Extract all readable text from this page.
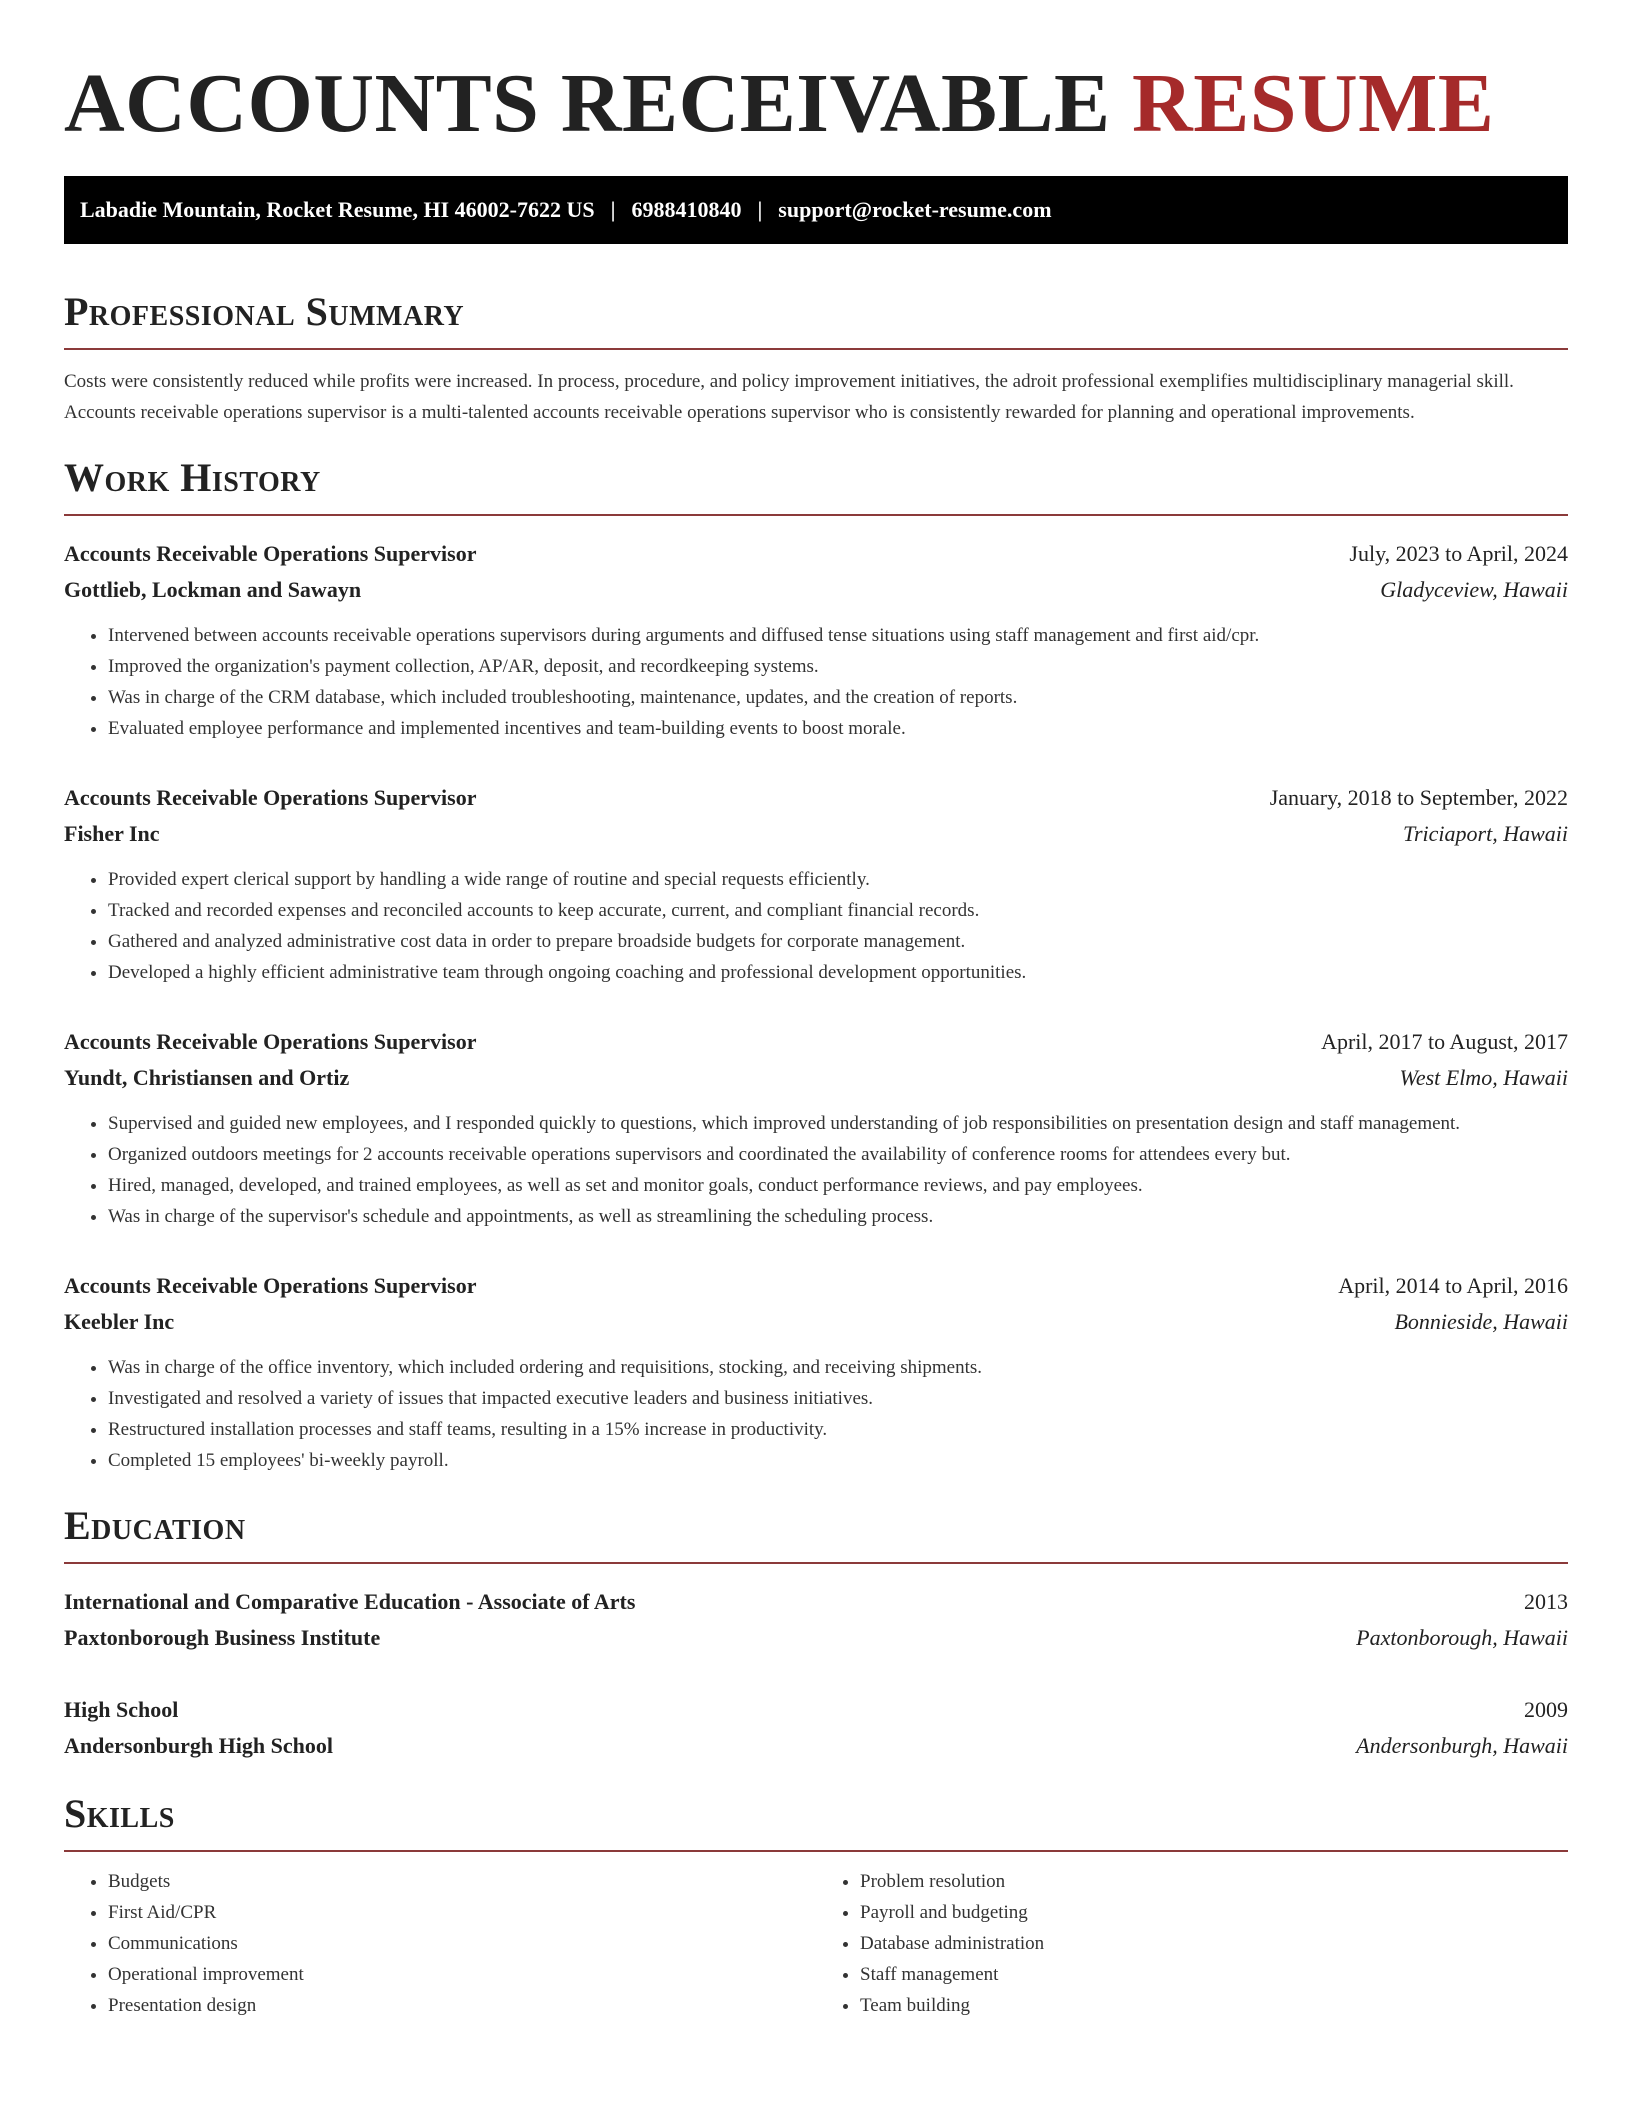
ACCOUNTS RECEIVABLE RESUME
Labadie Mountain, Rocket Resume, HI 46002-7622 US | 6988410840 | support@rocket-resume.com
Professional Summary

Costs were consistently reduced while profits were increased. In process, procedure, and policy improvement initiatives, the adroit professional exemplifies multidisciplinary managerial skill. Accounts receivable operations supervisor is a multi-talented accounts receivable operations supervisor who is consistently rewarded for planning and operational improvements.

Work History
Accounts Receivable Operations Supervisor	July, 2023 to April, 2024
Gottlieb, Lockman and Sawayn	Gladyceview, Hawaii
• Intervened between accounts receivable operations supervisors during arguments and diffused tense situations using staff management and first aid/cpr.
• Improved the organization's payment collection, AP/AR, deposit, and recordkeeping systems.
• Was in charge of the CRM database, which included troubleshooting, maintenance, updates, and the creation of reports.
• Evaluated employee performance and implemented incentives and team-building events to boost morale.
Accounts Receivable Operations Supervisor	January, 2018 to September, 2022
Fisher Inc	Triciaport, Hawaii
• Provided expert clerical support by handling a wide range of routine and special requests efficiently.
• Tracked and recorded expenses and reconciled accounts to keep accurate, current, and compliant financial records.
• Gathered and analyzed administrative cost data in order to prepare broadside budgets for corporate management.
• Developed a highly efficient administrative team through ongoing coaching and professional development opportunities.
Accounts Receivable Operations Supervisor	April, 2017 to August, 2017
Yundt, Christiansen and Ortiz	West Elmo, Hawaii
• Supervised and guided new employees, and I responded quickly to questions, which improved understanding of job responsibilities on presentation design and staff management.
• Organized outdoors meetings for 2 accounts receivable operations supervisors and coordinated the availability of conference rooms for attendees every but.
• Hired, managed, developed, and trained employees, as well as set and monitor goals, conduct performance reviews, and pay employees.
• Was in charge of the supervisor's schedule and appointments, as well as streamlining the scheduling process.
Accounts Receivable Operations Supervisor	April, 2014 to April, 2016
Keebler Inc	Bonnieside, Hawaii
• Was in charge of the office inventory, which included ordering and requisitions, stocking, and receiving shipments.
• Investigated and resolved a variety of issues that impacted executive leaders and business initiatives.
• Restructured installation processes and staff teams, resulting in a 15% increase in productivity.
• Completed 15 employees' bi-weekly payroll.
Education
International and Comparative Education - Associate of Arts	2013
Paxtonborough Business Institute	Paxtonborough, Hawaii
High School	2009
Andersonburgh High School	Andersonburgh, Hawaii
Skills
• Budgets
• First Aid/CPR
• Communications
• Operational improvement
• Presentation design
• Problem resolution
• Payroll and budgeting
• Database administration
• Staff management
• Team building
